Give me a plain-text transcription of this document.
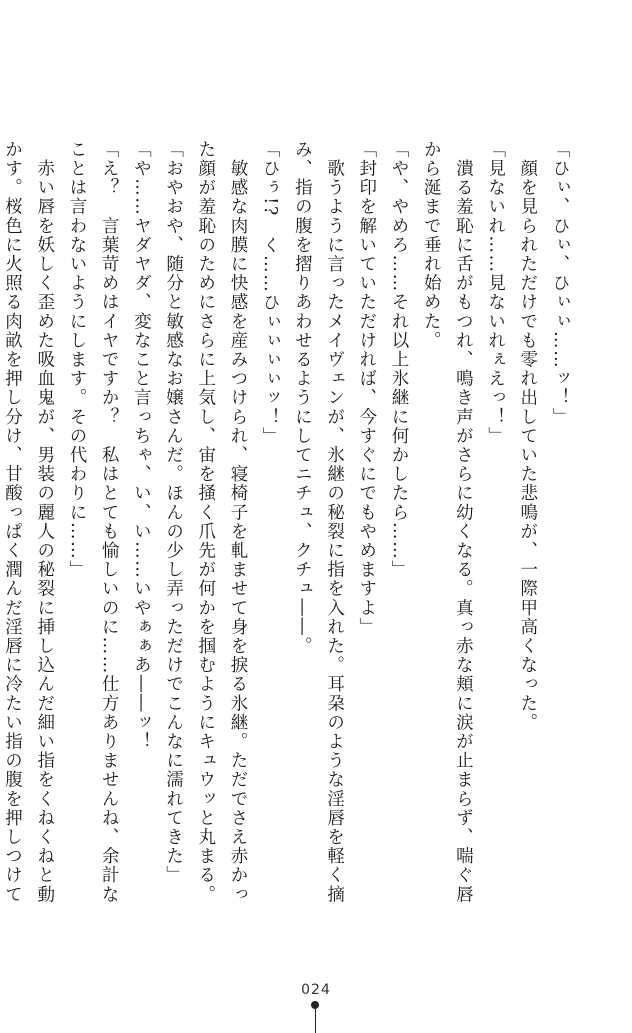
「ひぃ、ひぃ、ひぃぃ……ッ！」
　顔を見られただけでも零れ出していた悲鳴が、一際甲高くなった。
「見ないれ……見ないれぇえっ！」
　潰る羞恥に舌がもつれ、鳴き声がさらに幼くなる。真っ赤な頬に涙が止まらず、喘ぐ唇
から涎まで垂れ始めた。
「や、やめろ……それ以上氷継に何かしたら……」
「封印を解いていただければ、今すぐにでもやめますよ」
　歌うように言ったメイヴェンが、氷継の秘裂に指を入れた。耳朶のような淫唇を軽く摘
み、指の腹を摺りあわせるようにしてニチュ、クチュ――。
「ひぅ!?　く……ひぃぃぃぃッ！」
　敏感な肉膜に快感を産みつけられ、寝椅子を軋ませて身を捩る氷継。ただでさえ赤かっ
た顔が羞恥のためにさらに上気し、宙を掻く爪先が何かを掴むようにキュウッと丸まる。
「おやおや、随分と敏感なお嬢さんだ。ほんの少し弄っただけでこんなに濡れてきた」
「や……ヤダヤダ、変なこと言っちゃ、い、い……いやぁぁあ――ッ！
「え？　言葉苛めはイヤですか？　私はとても愉しいのに……仕方ありませんね、余計な
ことは言わないようにします。その代わりに……」
　赤い唇を妖しく歪めた吸血鬼が、男装の麗人の秘裂に挿し込んだ細い指をくねくねと動
かす。桜色に火照る肉畝を押し分け、甘酸っぱく潤んだ淫唇に冷たい指の腹を押しつけて
024
